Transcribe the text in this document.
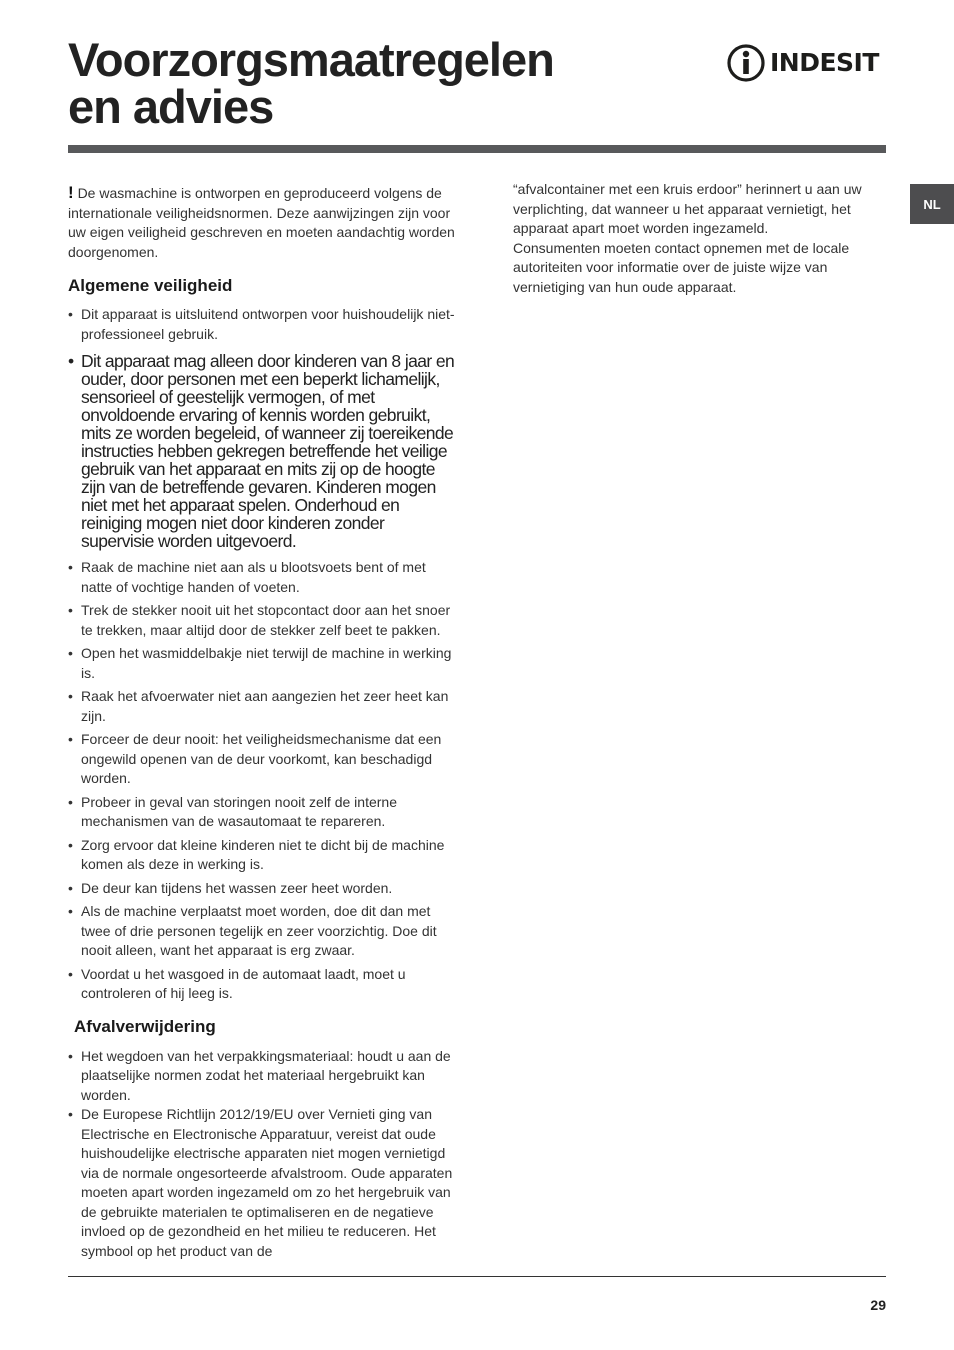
Voorzorgsmaatregelen
en advies
INDESIT
NL

! De wasmachine is ontworpen en geproduceerd volgens de internationale veiligheidsnormen. Deze aanwijzingen zijn voor uw eigen veiligheid geschreven en moeten aandachtig worden doorgenomen.

Algemene veiligheid
• Dit apparaat is uitsluitend ontworpen voor huishoudelijk niet-professioneel gebruik.
• Dit apparaat mag alleen door kinderen van 8 jaar en ouder, door personen met een beperkt lichamelijk, sensorieel of geestelijk vermogen, of met onvoldoende ervaring of kennis worden gebruikt, mits ze worden begeleid, of wanneer zij toereikende instructies hebben gekregen betreffende het veilige gebruik van het apparaat en mits zij op de hoogte zijn van de betreffende gevaren. Kinderen mogen niet met het apparaat spelen. Onderhoud en reiniging mogen niet door kinderen zonder supervisie worden uitgevoerd.
• Raak de machine niet aan als u blootsvoets bent of met natte of vochtige handen of voeten.
• Trek de stekker nooit uit het stopcontact door aan het snoer te trekken, maar altijd door de stekker zelf beet te pakken.
• Open het wasmiddelbakje niet terwijl de machine in werking is.
• Raak het afvoerwater niet aan aangezien het zeer heet kan zijn.
• Forceer de deur nooit: het veiligheidsmechanisme dat een ongewild openen van de deur voorkomt, kan beschadigd worden.
• Probeer in geval van storingen nooit zelf de interne mechanismen van de wasautomaat te repareren.
• Zorg ervoor dat kleine kinderen niet te dicht bij de machine komen als deze in werking is.
• De deur kan tijdens het wassen zeer heet worden.
• Als de machine verplaatst moet worden, doe dit dan met twee of drie personen tegelijk en zeer voorzichtig. Doe dit nooit alleen, want het apparaat is erg zwaar.
• Voordat u het wasgoed in de automaat laadt, moet u controleren of hij leeg is.
Afvalverwijdering
• Het wegdoen van het verpakkingsmateriaal: houdt u aan de plaatselijke normen zodat het materiaal hergebruikt kan worden.
• De Europese Richtlijn 2012/19/EU over Vernieti ging van Electrische en Electronische Apparatuur, vereist dat oude huishoudelijke electrische apparaten niet mogen vernietigd via de normale ongesorteerde afvalstroom. Oude apparaten moeten apart worden ingezameld om zo het hergebruik van de gebruikte materialen te optimaliseren en de negatieve invloed op de gezondheid en het milieu te reduceren. Het symbool op het product van de

“afvalcontainer met een kruis erdoor” herinnert u aan uw verplichting, dat wanneer u het apparaat vernietigt, het apparaat apart moet worden ingezameld.

Consumenten moeten contact opnemen met de locale autoriteiten voor informatie over de juiste wijze van vernietiging van hun oude apparaat.

29
